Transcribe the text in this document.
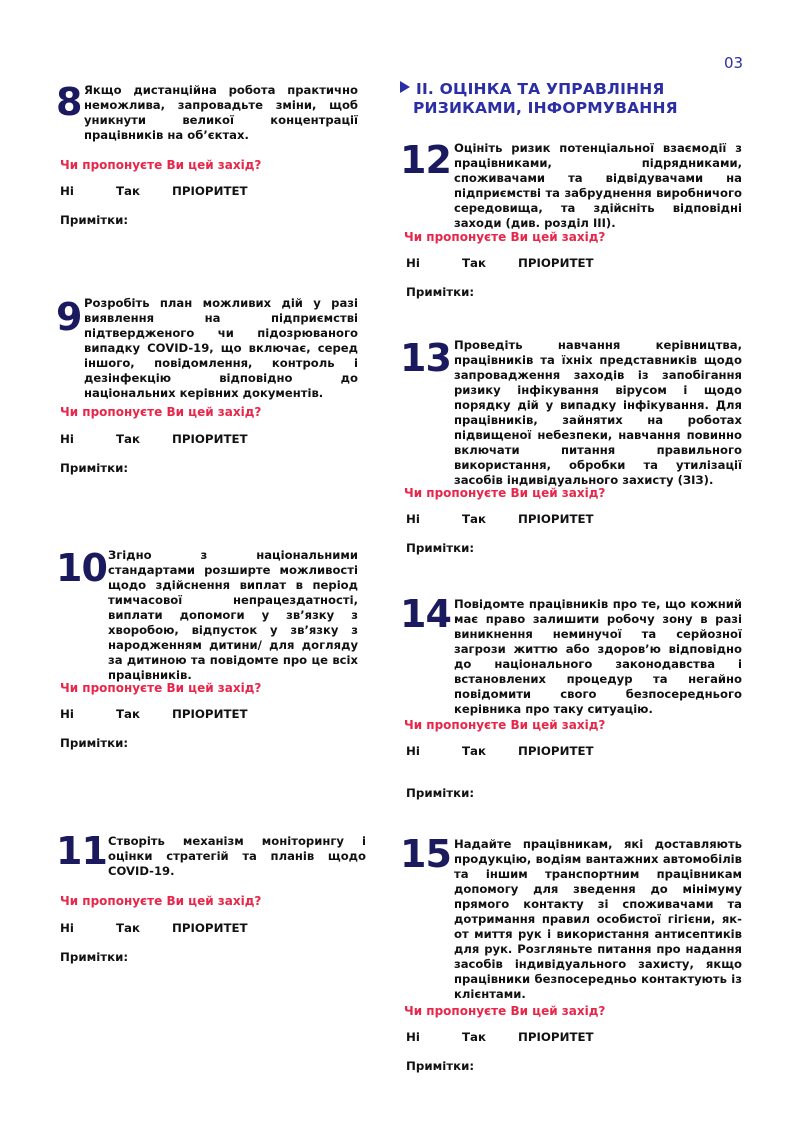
03
II. ОЦІНКА ТА УПРАВЛІННЯ
РИЗИКАМИ, ІНФОРМУВАННЯ
8 Якщо дистанційна робота практично неможлива, запровадьте зміни, щоб уникнути великої концентрації працівників на об’єктах.
Чи пропонуєте Ви цей захід?
Ні	Так	ПРІОРИТЕТ
Примітки:
9 Розробіть план можливих дій у разі виявлення на підприємстві підтвердженого чи підозрюваного випадку COVID-19, що включає, серед іншого, повідомлення, контроль і дезінфекцію відповідно до національних керівних документів.
Чи пропонуєте Ви цей захід?
Ні	Так	ПРІОРИТЕТ
Примітки:
10 Згідно з національними стандартами розширте можливості щодо здійснення виплат в період тимчасової непрацездатності, виплати допомоги у зв’язку з хворобою, відпусток у зв’язку з народженням дитини/ для догляду за дитиною та повідомте про це всіх працівників.
Чи пропонуєте Ви цей захід?
Ні	Так	ПРІОРИТЕТ
Примітки:
11 Створіть механізм моніторингу і оцінки стратегій та планів щодо COVID-19.
Чи пропонуєте Ви цей захід?
Ні	Так	ПРІОРИТЕТ
Примітки:
12 Оцініть ризик потенціальної взаємодії з працівниками, підрядниками, споживачами та відвідувачами на підприємстві та забруднення виробничого середовища, та здійсніть відповідні заходи (див. розділ III).
Чи пропонуєте Ви цей захід?
Ні	Так	ПРІОРИТЕТ
Примітки:
13 Проведіть навчання керівництва, працівників та їхніх представників щодо запровадження заходів із запобігання ризику інфікування вірусом і щодо порядку дій у випадку інфікування. Для працівників, зайнятих на роботах підвищеної небезпеки, навчання повинно включати питання правильного використання, обробки та утилізації засобів індивідуального захисту (ЗІЗ).
Чи пропонуєте Ви цей захід?
Ні	Так	ПРІОРИТЕТ
Примітки:
14 Повідомте працівників про те, що кожний має право залишити робочу зону в разі виникнення неминучої та серйозної загрози життю або здоров’ю відповідно до національного законодавства і встановлених процедур та негайно повідомити свого безпосереднього керівника про таку ситуацію.
Чи пропонуєте Ви цей захід?
Ні	Так	ПРІОРИТЕТ
Примітки:
15 Надайте працівникам, які доставляють продукцію, водіям вантажних автомобілів та іншим транспортним працівникам допомогу для зведення до мінімуму прямого контакту зі споживачами та дотримання правил особистої гігієни, як-от миття рук і використання антисептиків для рук. Розгляньте питання про надання засобів індивідуального захисту, якщо працівники безпосередньо контактують із клієнтами.
Чи пропонуєте Ви цей захід?
Ні	Так	ПРІОРИТЕТ
Примітки:
